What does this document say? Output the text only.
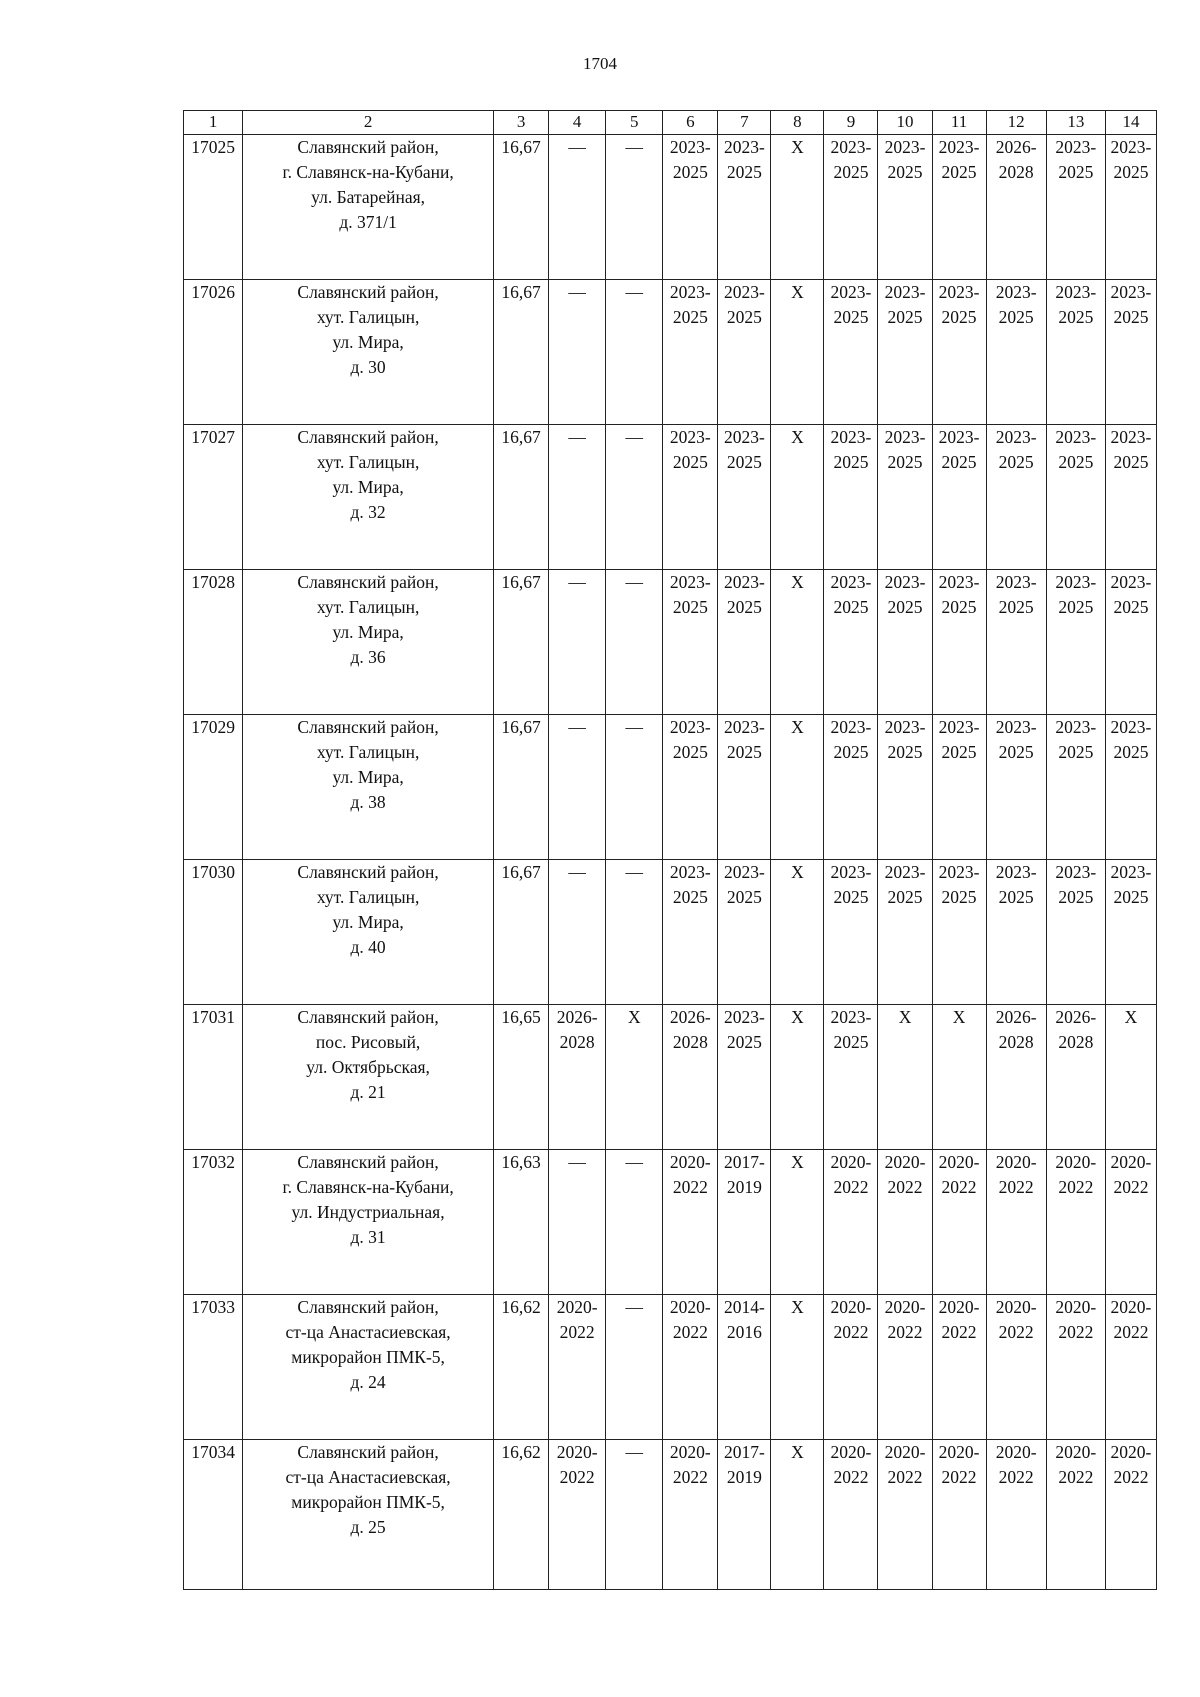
1704
1	2	3	4	5	6	7	8	9	10	11	12	13	14
17025	Славянский район,
г. Славянск-на-Кубани,
ул. Батарейная,
д. 371/1	16,67	—	—	2023-2025	2023-2025	X	2023-2025	2023-2025	2023-2025	2026-2028	2023-2025	2023-2025
17026	Славянский район,
хут. Галицын,
ул. Мира,
д. 30	16,67	—	—	2023-2025	2023-2025	X	2023-2025	2023-2025	2023-2025	2023-2025	2023-2025	2023-2025
17027	Славянский район,
хут. Галицын,
ул. Мира,
д. 32	16,67	—	—	2023-2025	2023-2025	X	2023-2025	2023-2025	2023-2025	2023-2025	2023-2025	2023-2025
17028	Славянский район,
хут. Галицын,
ул. Мира,
д. 36	16,67	—	—	2023-2025	2023-2025	X	2023-2025	2023-2025	2023-2025	2023-2025	2023-2025	2023-2025
17029	Славянский район,
хут. Галицын,
ул. Мира,
д. 38	16,67	—	—	2023-2025	2023-2025	X	2023-2025	2023-2025	2023-2025	2023-2025	2023-2025	2023-2025
17030	Славянский район,
хут. Галицын,
ул. Мира,
д. 40	16,67	—	—	2023-2025	2023-2025	X	2023-2025	2023-2025	2023-2025	2023-2025	2023-2025	2023-2025
17031	Славянский район,
пос. Рисовый,
ул. Октябрьская,
д. 21	16,65	2026-2028	X	2026-2028	2023-2025	X	2023-2025	X	X	2026-2028	2026-2028	X
17032	Славянский район,
г. Славянск-на-Кубани,
ул. Индустриальная,
д. 31	16,63	—	—	2020-2022	2017-2019	X	2020-2022	2020-2022	2020-2022	2020-2022	2020-2022	2020-2022
17033	Славянский район,
ст-ца Анастасиевская,
микрорайон ПМК-5,
д. 24	16,62	2020-2022	—	2020-2022	2014-2016	X	2020-2022	2020-2022	2020-2022	2020-2022	2020-2022	2020-2022
17034	Славянский район,
ст-ца Анастасиевская,
микрорайон ПМК-5,
д. 25	16,62	2020-2022	—	2020-2022	2017-2019	X	2020-2022	2020-2022	2020-2022	2020-2022	2020-2022	2020-2022
